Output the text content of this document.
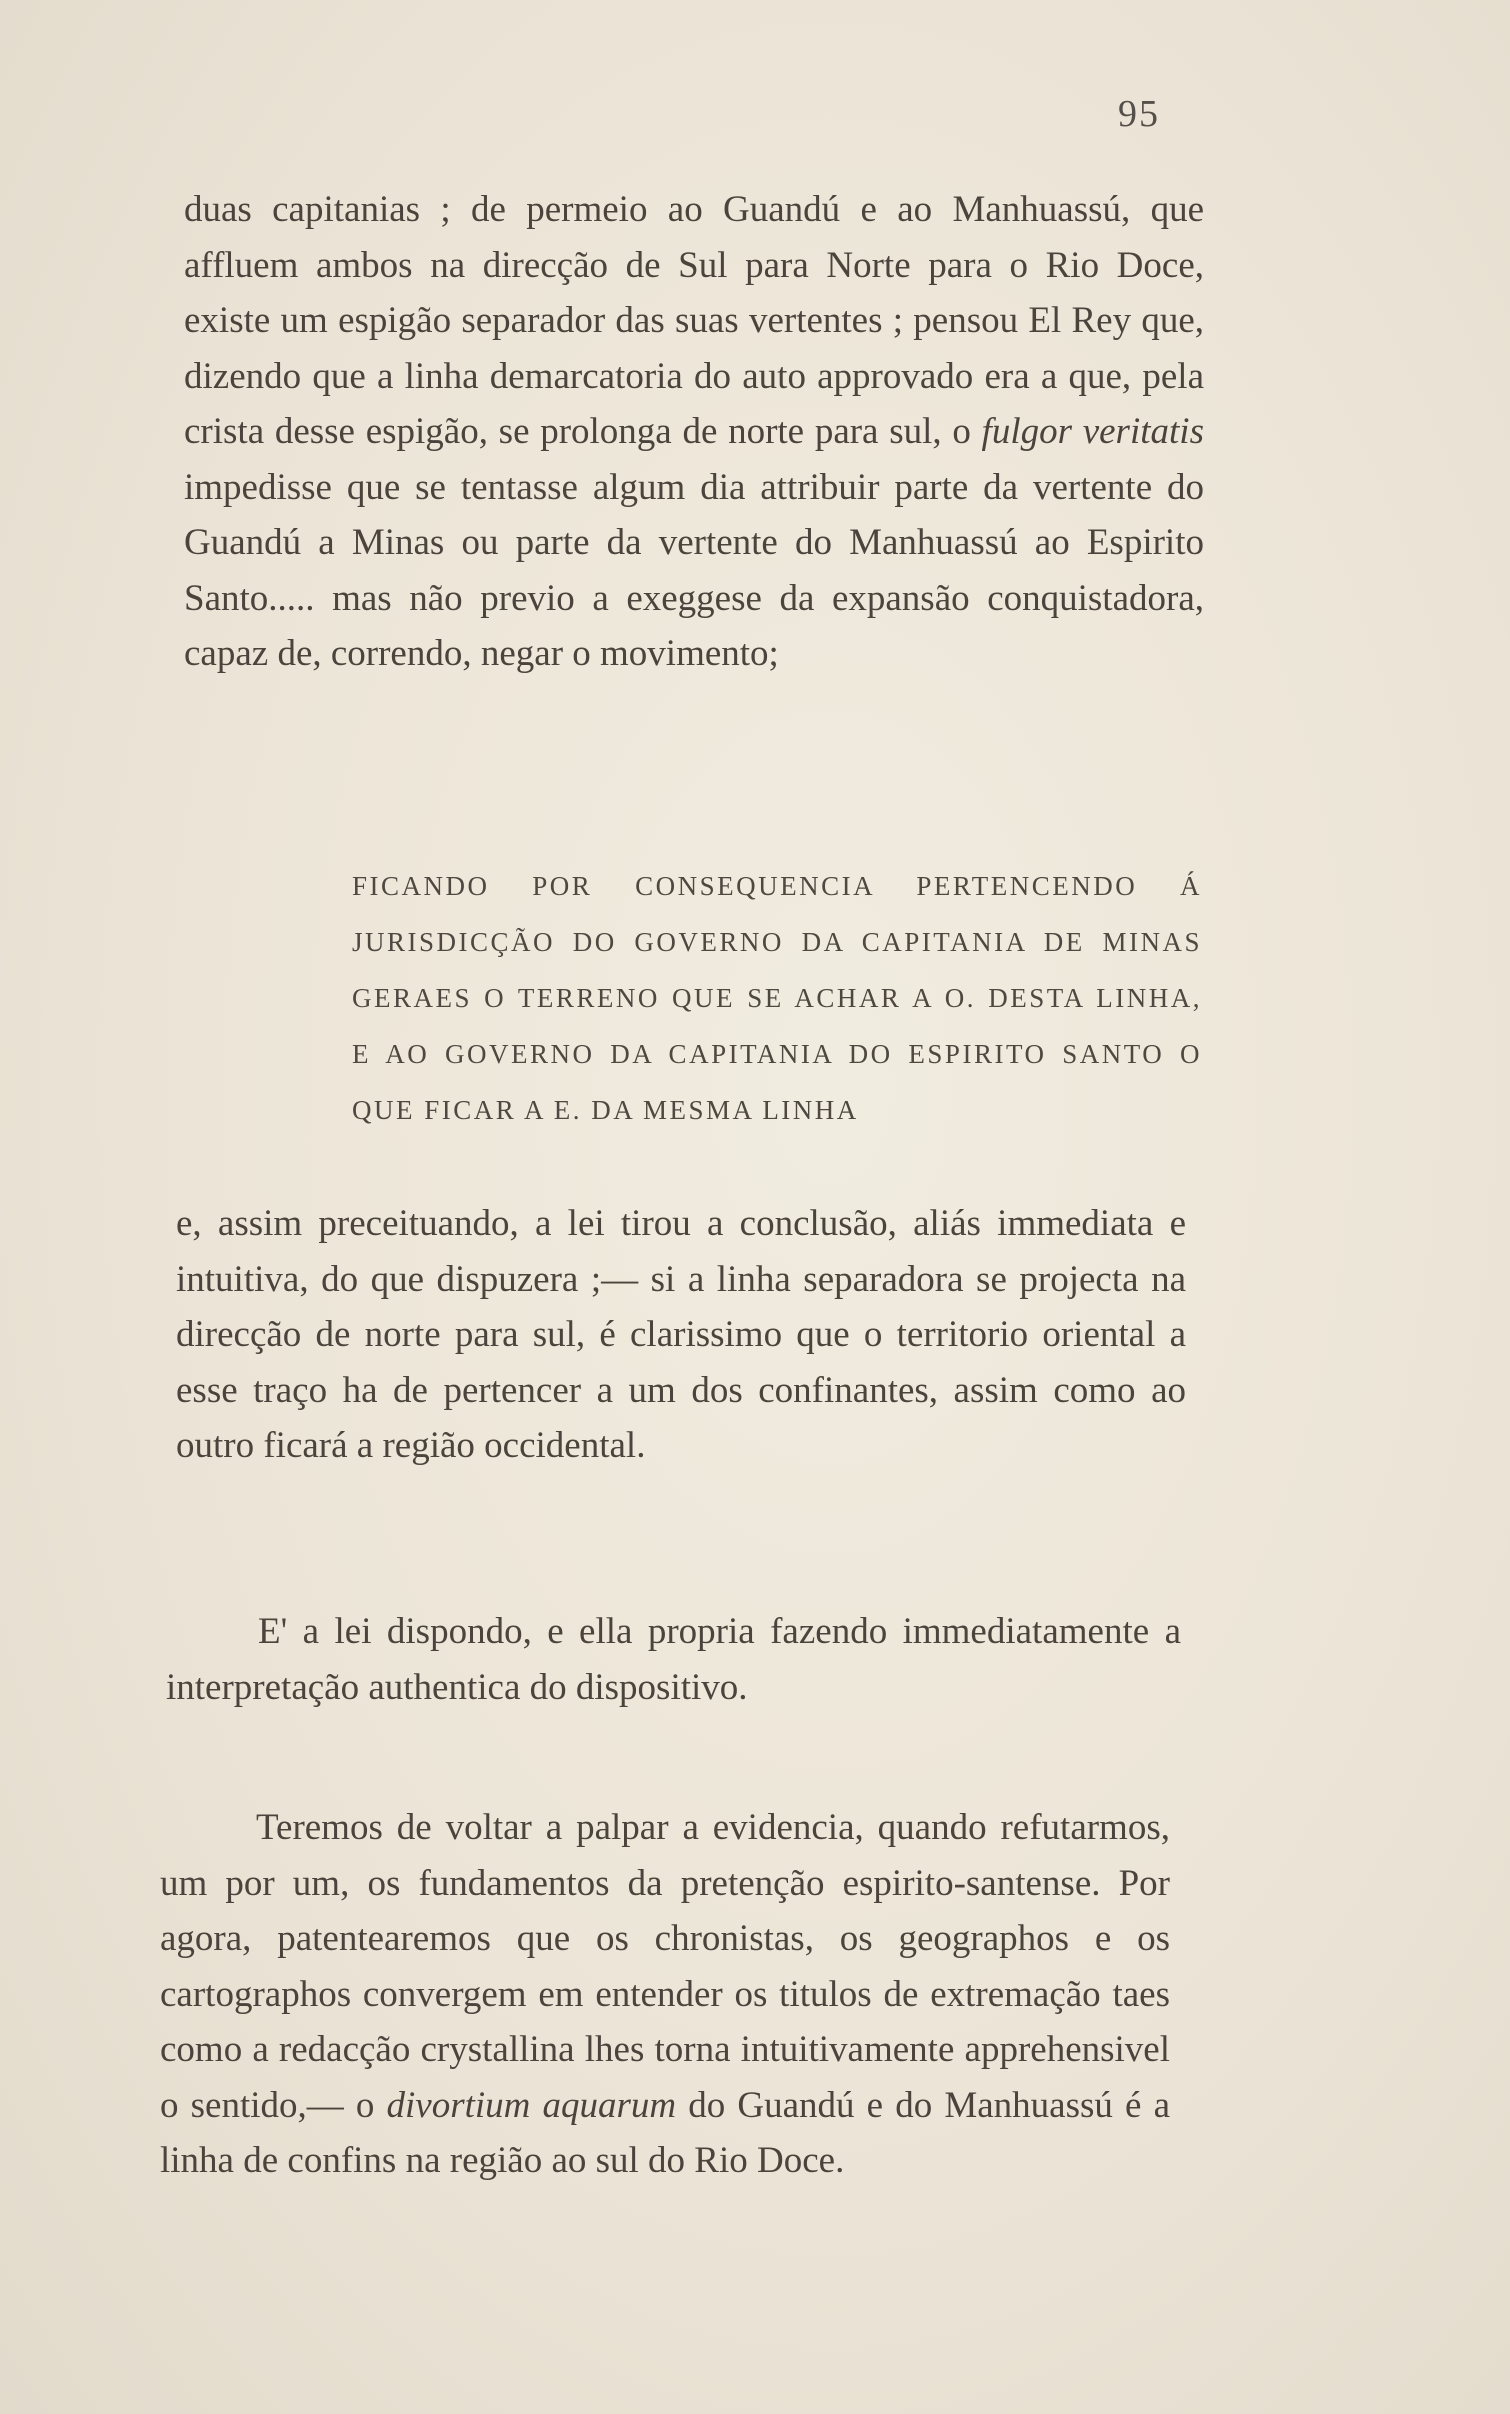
95

duas capitanias ; de permeio ao Guandú e ao Manhuassú, que affluem ambos na direcção de Sul para Norte para o Rio Doce, existe um espigão separador das suas vertentes ; pensou El Rey que, dizendo que a linha demarcatoria do auto approvado era a que, pela crista desse espigão, se prolonga de norte para sul, o fulgor veritatis impedisse que se tentasse algum dia attribuir parte da vertente do Guandú a Minas ou parte da vertente do Manhuassú ao Espirito Santo..... mas não previo a exeggese da expansão conquistadora, capaz de, correndo, negar o movimento;

FICANDO POR CONSEQUENCIA PERTENCENDO Á JURISDICÇÃO DO GOVERNO DA CAPITANIA DE MINAS GERAES O TERRENO QUE SE ACHAR A O. DESTA LINHA, E AO GOVERNO DA CAPITANIA DO ESPIRITO SANTO O QUE FICAR A E. DA MESMA LINHA
e, assim preceituando, a lei tirou a conclusão, aliás immediata e intuitiva, do que dispuzera ;— si a linha separadora se projecta na direcção de norte para sul, é clarissimo que o territorio oriental a esse traço ha de pertencer a um dos confinantes, assim como ao outro ficará a região occidental.
E' a lei dispondo, e ella propria fazendo immediatamente a interpretação authentica do dispositivo.

Teremos de voltar a palpar a evidencia, quando refutarmos, um por um, os fundamentos da pretenção espirito-santense. Por agora, patentearemos que os chronistas, os geographos e os cartographos convergem em entender os titulos de extremação taes como a redacção crystallina lhes torna intuitivamente apprehensivel o sentido,— o divortium aquarum do Guandú e do Manhuassú é a linha de confins na região ao sul do Rio Doce.
